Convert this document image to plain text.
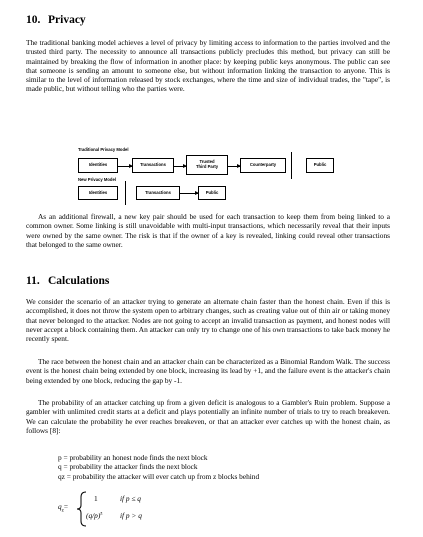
10. Privacy
The traditional banking model achieves a level of privacy by limiting access to information to the parties involved and the trusted third party. The necessity to announce all transactions publicly precludes this method, but privacy can still be maintained by breaking the flow of information in another place: by keeping public keys anonymous. The public can see that someone is sending an amount to someone else, but without information linking the transaction to anyone. This is similar to the level of information released by stock exchanges, where the time and size of individual trades, the "tape", is made public, but without telling who the parties were.
Traditional Privacy Model
Identities	Transactions
Trusted
Third Party	Counterparty	Public
New Privacy Model
Identities	Transactions	Public
As an additional firewall, a new key pair should be used for each transaction to keep them from being linked to a common owner. Some linking is still unavoidable with multi-input transactions, which necessarily reveal that their inputs were owned by the same owner. The risk is that if the owner of a key is revealed, linking could reveal other transactions that belonged to the same owner.
11. Calculations
We consider the scenario of an attacker trying to generate an alternate chain faster than the honest chain. Even if this is accomplished, it does not throw the system open to arbitrary changes, such as creating value out of thin air or taking money that never belonged to the attacker. Nodes are not going to accept an invalid transaction as payment, and honest nodes will never accept a block containing them. An attacker can only try to change one of his own transactions to take back money he recently spent.
The race between the honest chain and an attacker chain can be characterized as a Binomial Random Walk. The success event is the honest chain being extended by one block, increasing its lead by +1, and the failure event is the attacker's chain being extended by one block, reducing the gap by -1.
The probability of an attacker catching up from a given deficit is analogous to a Gambler's Ruin problem. Suppose a gambler with unlimited credit starts at a deficit and plays potentially an infinite number of trials to try to reach breakeven. We can calculate the probability he ever reaches breakeven, or that an attacker ever catches up with the honest chain, as follows [8]:
p = probability an honest node finds the next block
q = probability the attacker finds the next block
qz = probability the attacker will ever catch up from z blocks behind
$q_z=$
1	if p ≤ q
$(q/p)^z$ if p > q
